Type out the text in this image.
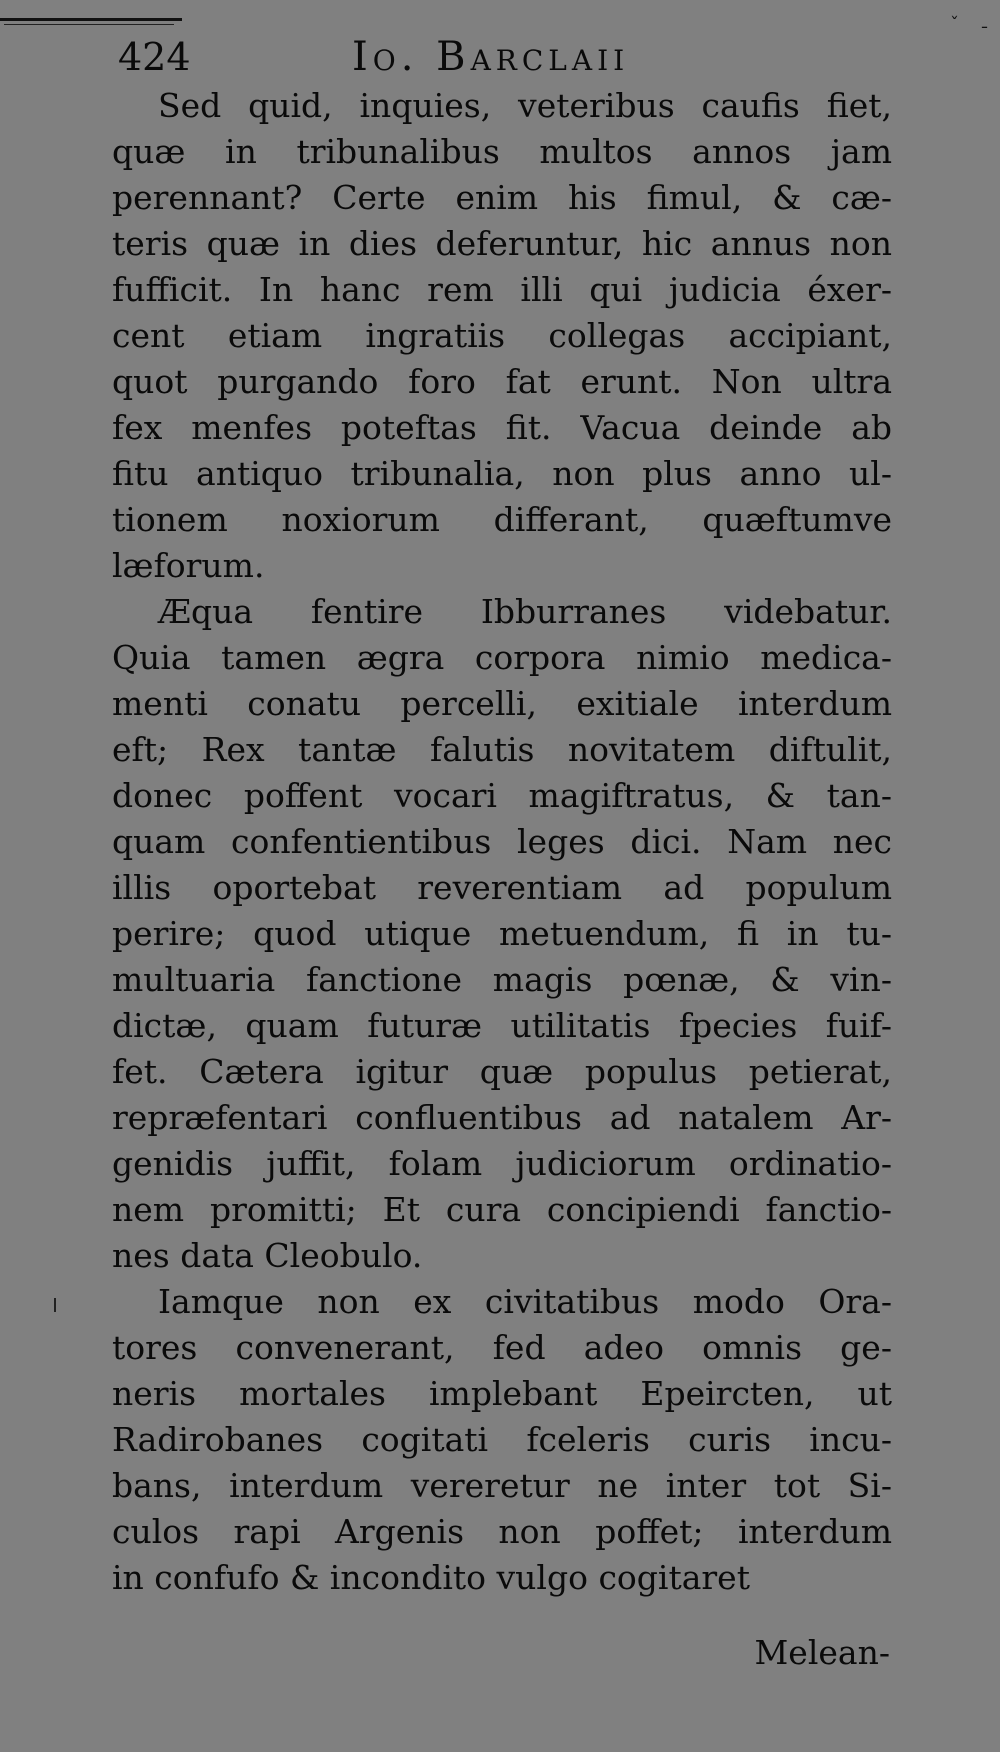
ˇ ˉ
424	Io. Barclaii
Sed quid, inquies, veteribus caufis fiet,
quæ in tribunalibus multos annos jam
perennant? Certe enim his fimul, & cæ-
teris quæ in dies deferuntur, hic annus non
fufficit. In hanc rem illi qui judicia éxer-
cent etiam ingratiis collegas accipiant,
quot purgando foro fat erunt. Non ultra
fex menfes poteftas fit. Vacua deinde ab
fitu antiquo tribunalia, non plus anno ul-
tionem noxiorum differant, quæftumve
læforum.
Æqua fentire Ibburranes videbatur.
Quia tamen ægra corpora nimio medica-
menti conatu percelli, exitiale interdum
eft; Rex tantæ falutis novitatem diftulit,
donec poffent vocari magiftratus, & tan-
quam confentientibus leges dici. Nam nec
illis oportebat reverentiam ad populum
perire; quod utique metuendum, fi in tu-
multuaria fanctione magis pœnæ, & vin-
dictæ, quam futuræ utilitatis fpecies fuif-
fet. Cætera igitur quæ populus petierat,
repræfentari confluentibus ad natalem Ar-
genidis juffit, folam judiciorum ordinatio-
nem promitti; Et cura concipiendi fanctio-
nes data Cleobulo.
Iamque non ex civitatibus modo Ora-
tores convenerant, fed adeo omnis ge-
neris mortales implebant Epeircten, ut
Radirobanes cogitati fceleris curis incu-
bans, interdum vereretur ne inter tot Si-
culos rapi Argenis non poffet; interdum
in confufo & incondito vulgo cogitaret
Melean-
